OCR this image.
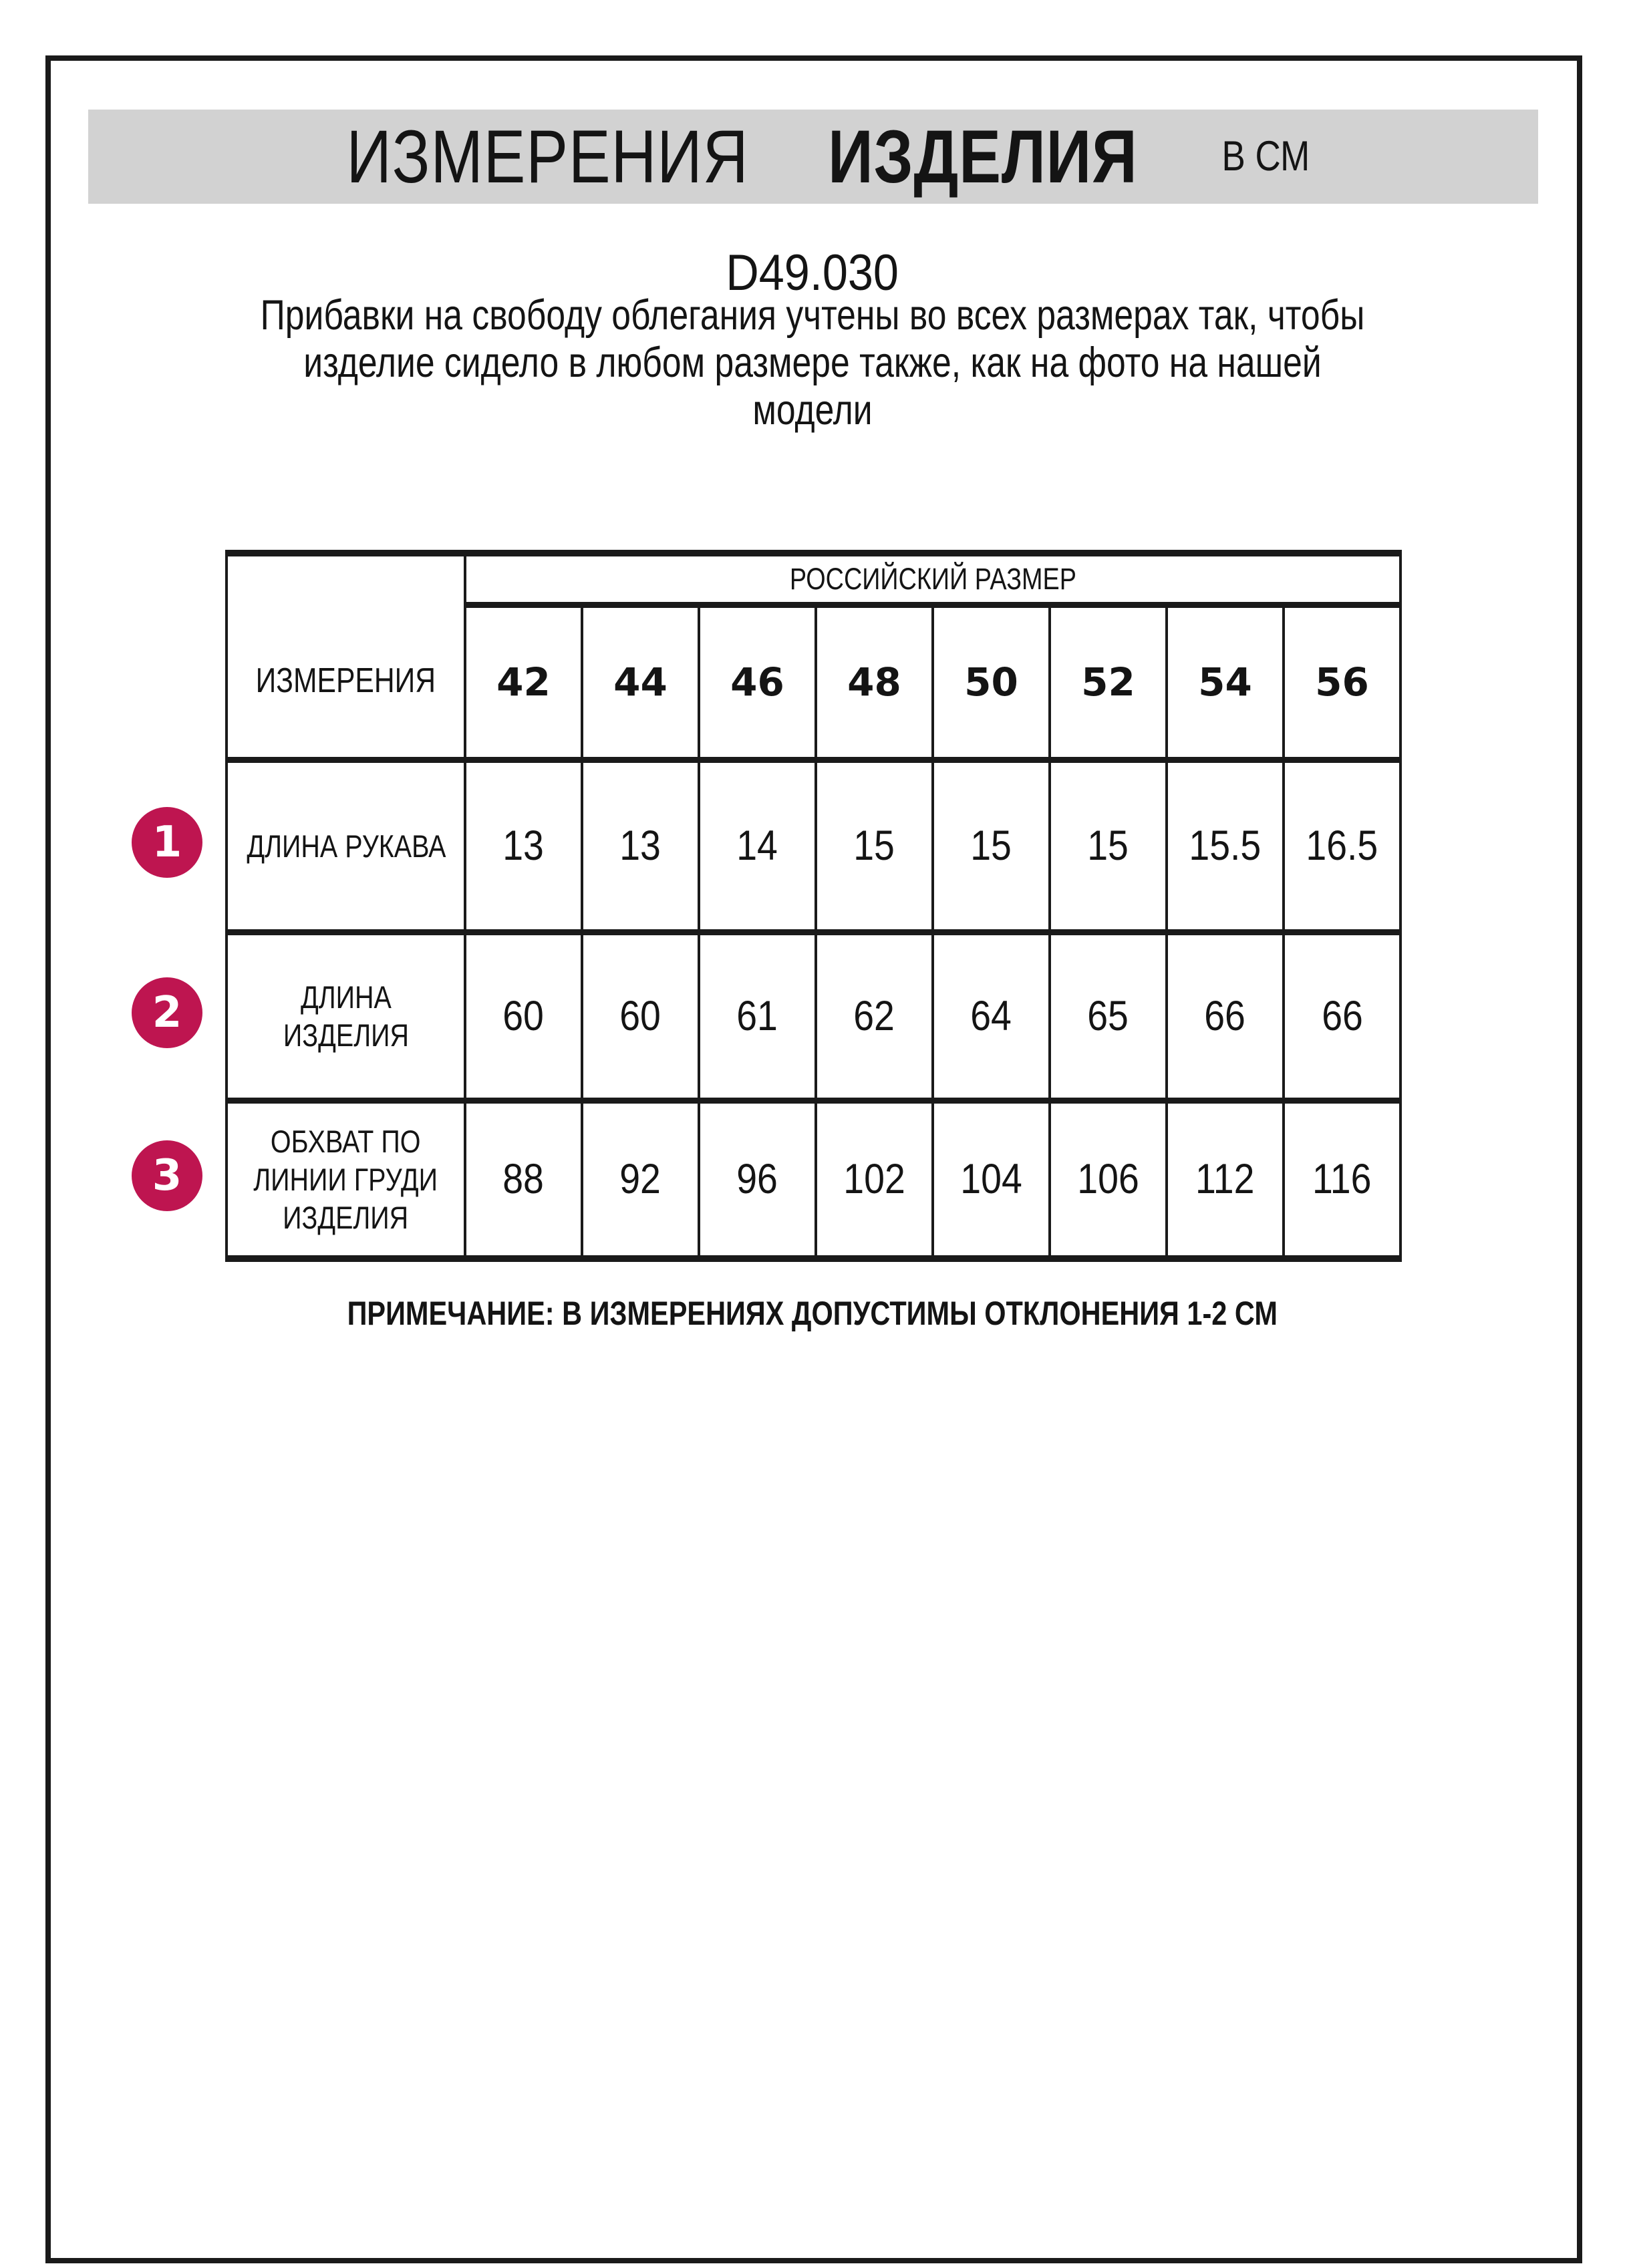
ИЗМЕРЕНИЯ ИЗДЕЛИЯ В СМ
D49.030
Прибавки на свободу облегания учтены во всех размерах так, чтобы
изделие сидело в любом размере также, как на фото на нашей
модели
ИЗМЕРЕНИЯ	РОССИЙСКИЙ РАЗМЕР							
	42	44	46	48	50	52	54	56

ДЛИНА РУКАВА	13	13	14	15	15	15	15.5	16.5

ДЛИНА
ИЗДЕЛИЯ	60	60	61	62	64	65	66	66

ОБХВАТ ПО
ЛИНИИ ГРУДИ
ИЗДЕЛИЯ	88	92	96	102	104	106	112	116
ПРИМЕЧАНИЕ: В ИЗМЕРЕНИЯХ ДОПУСТИМЫ ОТКЛОНЕНИЯ 1-2 СМ
1
2
3
